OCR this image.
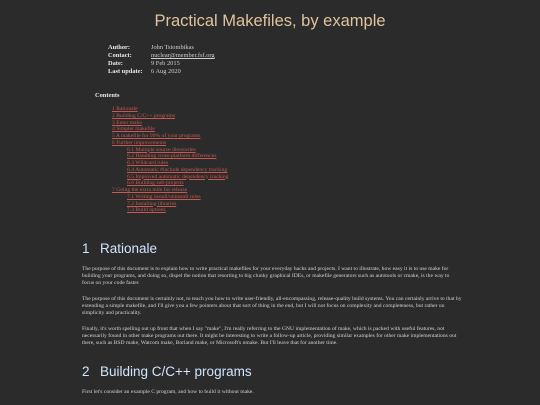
Practical Makefiles, by example
Author:	John Tsiombikas
Contact:	nuclear@member.fsf.org
Date:	9 Feb 2015
Last update:	6 Aug 2020
Contents
1 Rationale
2 Building C/C++ programs
3 Enter make
4 Simpler makefile
5 A makefile for 99% of your programs
6 Further improvements
6.1 Multiple source directories
6.2 Handling cross-platform differences
6.3 Wildcard rules
6.4 Automatic #include dependency tracking
6.5 Improved automatic dependency tracking
6.6 Building sub-projects
7 Going the extra mile for release
7.1 Writing install/uninstall rules
7.2 Installing libraries
7.3 Build options
1 Rationale
The purpose of this document is to explain how to write practical makefiles for your everyday hacks and projects. I want to illustrate, how easy it is to use make for building your programs, and doing so, dispel the notion that resorting to big clunky graphical IDEs, or makefile generators such as autotools or cmake, is the way to focus on your code faster.
The purpose of this document is certainly not, to teach you how to write user-friendly, all-encompassing, release-quality build systems. You can certainly arrive to that by extending a simple makefile, and I'll give you a few pointers about that sort of thing in the end, but I will not focus on complexity and completeness, but rather on simplicity and practicality.
Finally, it's worth spelling out up front that when I say "make", I'm really referring to the GNU implementation of make, which is packed with useful features, not necessarily found in other make programs out there. It might be interesting to write a follow-up article, providing similar examples for other make implementations out there, such as BSD make, Watcom make, Borland make, or Microsoft's nmake. But I'll leave that for another time.
2 Building C/C++ programs
First let's consider an example C program, and how to build it without make.
